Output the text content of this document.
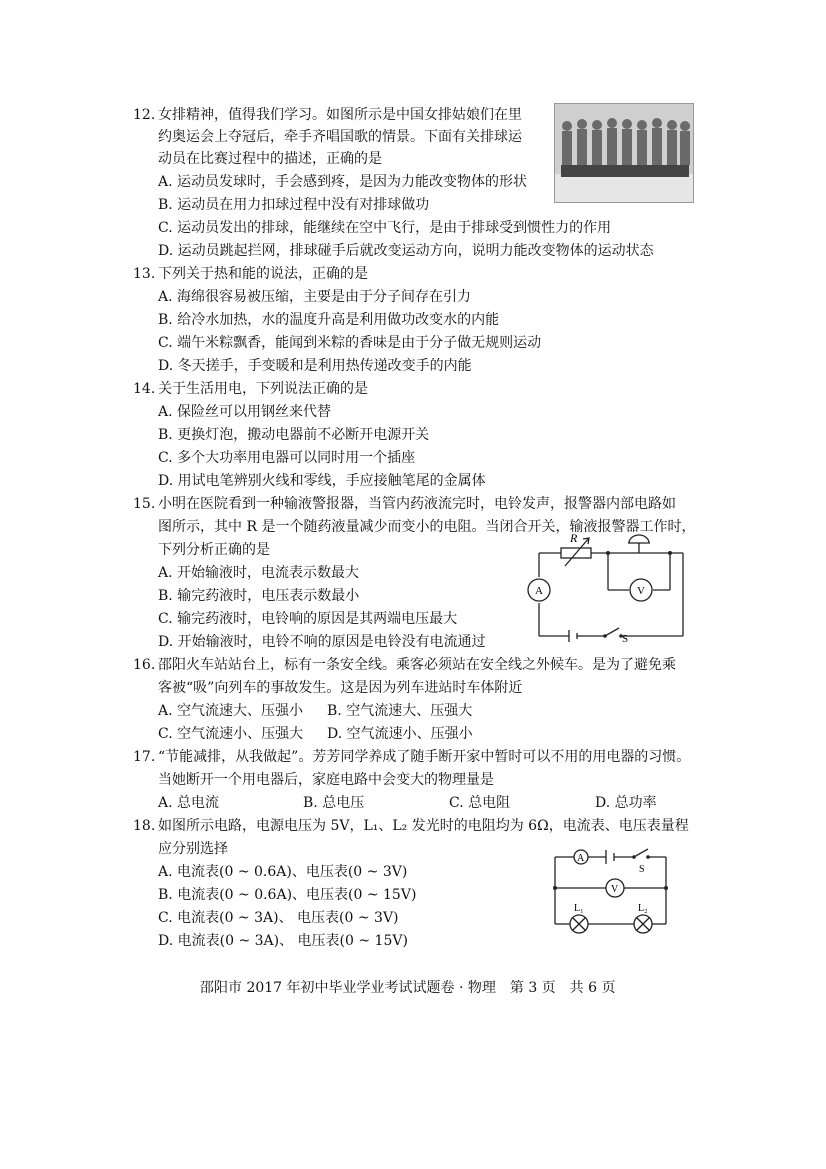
12. 女排精神，值得我们学习。如图所示是中国女排姑娘们在里
约奥运会上夺冠后，牵手齐唱国歌的情景。下面有关排球运
动员在比赛过程中的描述，正确的是
A. 运动员发球时，手会感到疼，是因为力能改变物体的形状
B. 运动员在用力扣球过程中没有对排球做功
C. 运动员发出的排球，能继续在空中飞行，是由于排球受到惯性力的作用
D. 运动员跳起拦网，排球碰手后就改变运动方向，说明力能改变物体的运动状态
13. 下列关于热和能的说法，正确的是
A. 海绵很容易被压缩，主要是由于分子间存在引力
B. 给冷水加热，水的温度升高是利用做功改变水的内能
C. 端午米粽飘香，能闻到米粽的香味是由于分子做无规则运动
D. 冬天搓手，手变暖和是利用热传递改变手的内能
14. 关于生活用电，下列说法正确的是
A. 保险丝可以用钢丝来代替
B. 更换灯泡，搬动电器前不必断开电源开关
C. 多个大功率用电器可以同时用一个插座
D. 用试电笔辨别火线和零线，手应接触笔尾的金属体
15. 小明在医院看到一种输液警报器，当管内药液流完时，电铃发声，报警器内部电路如
图所示，其中 R 是一个随药液量减少而变小的电阻。当闭合开关，输液报警器工作时，
下列分析正确的是
A. 开始输液时，电流表示数最大
B. 输完药液时，电压表示数最小
C. 输完药液时，电铃响的原因是其两端电压最大
D. 开始输液时，电铃不响的原因是电铃没有电流通过
R
A	V
S
16. 邵阳火车站站台上，标有一条安全线。乘客必须站在安全线之外候车。是为了避免乘
客被“吸”向列车的事故发生。这是因为列车进站时车体附近
A. 空气流速大、压强小 B. 空气流速大、压强大
C. 空气流速小、压强大 D. 空气流速小、压强小
17. “节能减排，从我做起”。芳芳同学养成了随手断开家中暂时可以不用的用电器的习惯。
当她断开一个用电器后，家庭电路中会变大的物理量是
A. 总电流	B. 总电压	C. 总电阻	D. 总功率
18. 如图所示电路，电源电压为 5V，L₁、L₂ 发光时的电阻均为 6Ω，电流表、电压表量程
应分别选择
A. 电流表(0 ~ 0.6A)、电压表(0 ~ 3V)
B. 电流表(0 ~ 0.6A)、电压表(0 ~ 15V)
C. 电流表(0 ~ 3A)、 电压表(0 ~ 3V)
D. 电流表(0 ~ 3A)、 电压表(0 ~ 15V)
A
S
V
L₁	L₂
邵阳市 2017 年初中毕业学业考试试题卷 · 物理　第 3 页　共 6 页
